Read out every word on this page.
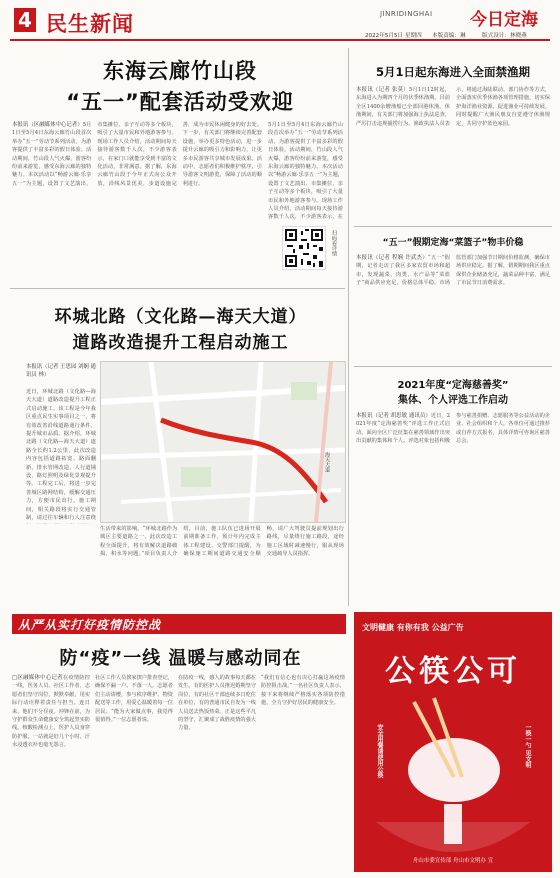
4 民生新闻	JINRIDINGHAI 今日定海
2022年5月5日 星期四 本版责编：琳	版式设计：林晓燕
东海云廊竹山段
“五一”配套活动受欢迎
本报讯（区融媒体中心记者）5月1日至5月4日东海云廊竹山段首次举办“五一”劳动节系列活动，为游客提供了丰富多彩的假日体验。活动期间，竹山段人气火爆，游客纷纷前来游览，感受东海云廊的独特魅力。本次活动以“畅游云廊·乐享五一”为主题，设置了文艺演出、市集摊位、亲子互动等多个板块，吸引了大量市民和外地游客参与。现场工作人员介绍，活动期间每天接待游客数千人次，不少游客表示，在家门口就能享受到丰富的文化活动，非常满意。据了解，东海云廊竹山段于今年正式向公众开放，沿线风景优美，步道设施完善，成为市民休闲健身的好去处。下一步，有关部门将继续完善配套设施，举办更多特色活动，进一步提升云廊的吸引力和影响力，让更多市民游客共享城市发展成果。活动中，志愿者们积极维护秩序，引导游客文明游览，保障了活动的顺利进行。
5月1日至5月4日东海云廊竹山段首次举办“五一”劳动节系列活动，为游客提供了丰富多彩的假日体验。活动期间，竹山段人气火爆，游客纷纷前来游览，感受东海云廊的独特魅力。本次活动以“畅游云廊·乐享五一”为主题，设置了文艺演出、市集摊位、亲子互动等多个板块，吸引了大量市民和外地游客参与。现场工作人员介绍，活动期间每天接待游客数千人次，不少游客表示，在
扫码看详情
环城北路（文化路—海天大道）
道路改造提升工程启动施工
本报讯（记者 王思园 刘娴 通讯员 林）
近日，环城北路（文化路—海天大道）道路改造提升工程正式启动施工。该工程是今年我区重点民生实事项目之一，将有效改善沿线道路通行条件，提升城市品质。据介绍，环城北路（文化路—海天大道）道路全长约1.2公里，此次改造内容包括道路拓宽、路面翻新、排水管网改造、人行道铺设、路灯照明及绿化景观提升等。工程完工后，将进一步完善城区路网结构，缓解交通压力，方便市民出行。施工期间，相关路段将实行交通管制，请过往车辆和行人注意绕
海天大道
生活带来的影响。“环城北路作为城区主要道路之一，此次改造工程全面提升，将有效解决道路破损、积水等问题。”项目负责人介绍，目前，施工队伍已进场开展前期准备工作，预计年内完成主体工程建设。交警部门提醒，为确保施工期间道路交通安全顺畅，请广大驾驶员提前规划出行路线，尽量绕行施工路段，途经施工区域时减速慢行，服从现场交通疏导人员指挥。
5月1日起东海进入全面禁渔期
本报讯（记者 张莫）5月1日12时起，东海进入为期四个月的伏季休渔期。目前全区1400余艘渔船已全部回港休渔。休渔期间，有关部门将加强海上执法巡查，严厉打击违规捕捞行为。渔政执法人员表示，将通过海陆联动、部门协作等方式，全面落实伏季休渔各项管理措施，切实保护海洋渔业资源，促进渔业可持续发展。同时提醒广大渔民朋友自觉遵守休渔规定，共同守护蓝色家园。
“五一”假期定海“菜篮子”物丰价稳
本报讯（记者 程娴 许武杰）“五一”假期，记者走访了我区多家农贸市场和超市，发现蔬菜、肉类、水产品等“菜篮子”商品供应充足，价格总体平稳。市场监管部门加强节日期间价格监测，确保市场供应稳定。据了解，假期期间我区重点保供企业储备充足，蔬菜品种丰富，满足了市民节日消费需求。
2021年度“定海慈善奖”
集体、个人评选工作启动
本报讯（记者 胡思敏 通讯员）近日，2021年度“定海慈善奖”评选工作正式启动，面向全区广泛征集在慈善领域作出突出贡献的集体和个人。评选对象包括积极参与慈善捐赠、志愿服务等公益活动的企业、社会组织和个人。各单位可通过推荐或自荐方式报名，具体详情可咨询区慈善总会。
文明健康 有你有我 公益广告
公筷公可
安全用餐请使用公筷	一筷一勺 见文明
舟山市委宣传部 舟山市文明办 宣
从严从实打好疫情防控战
防“疫”一线 温暖与感动同在
□区融媒体中心记者在疫情防控一线，医务人员、社区工作者、志愿者们坚守岗位，默默奉献，用实际行动诠释着责任与担当。连日来，他们不分昼夜，冲锋在前，为守护群众生命健康安全筑起坚实防线。核酸检测点上，医护人员身穿防护服，一站就是好几个小时，汗水浸透衣衫也毫无怨言。
社区工作人员挨家挨户排查登记，确保不漏一户、不落一人。志愿者们主动请缨，参与秩序维护、物资配送等工作，用爱心温暖着每一位居民。“能为大家做点事，我觉得很值得。”一位志愿者说。
在防疫一线，感人的故事每天都在发生。有的医护人员推迟婚期坚守岗位，有的社区干部连续多日吃住在单位，有的普通市民自发为一线人员送去热饭热菜。正是这些平凡的坚守，汇聚成了战胜疫情的强大力量。
“我们有信心也有决心打赢这场疫情防控阻击战。”一名社区负责人表示，接下来将继续严格落实各项防控措施，全力守护好居民的健康安全。
